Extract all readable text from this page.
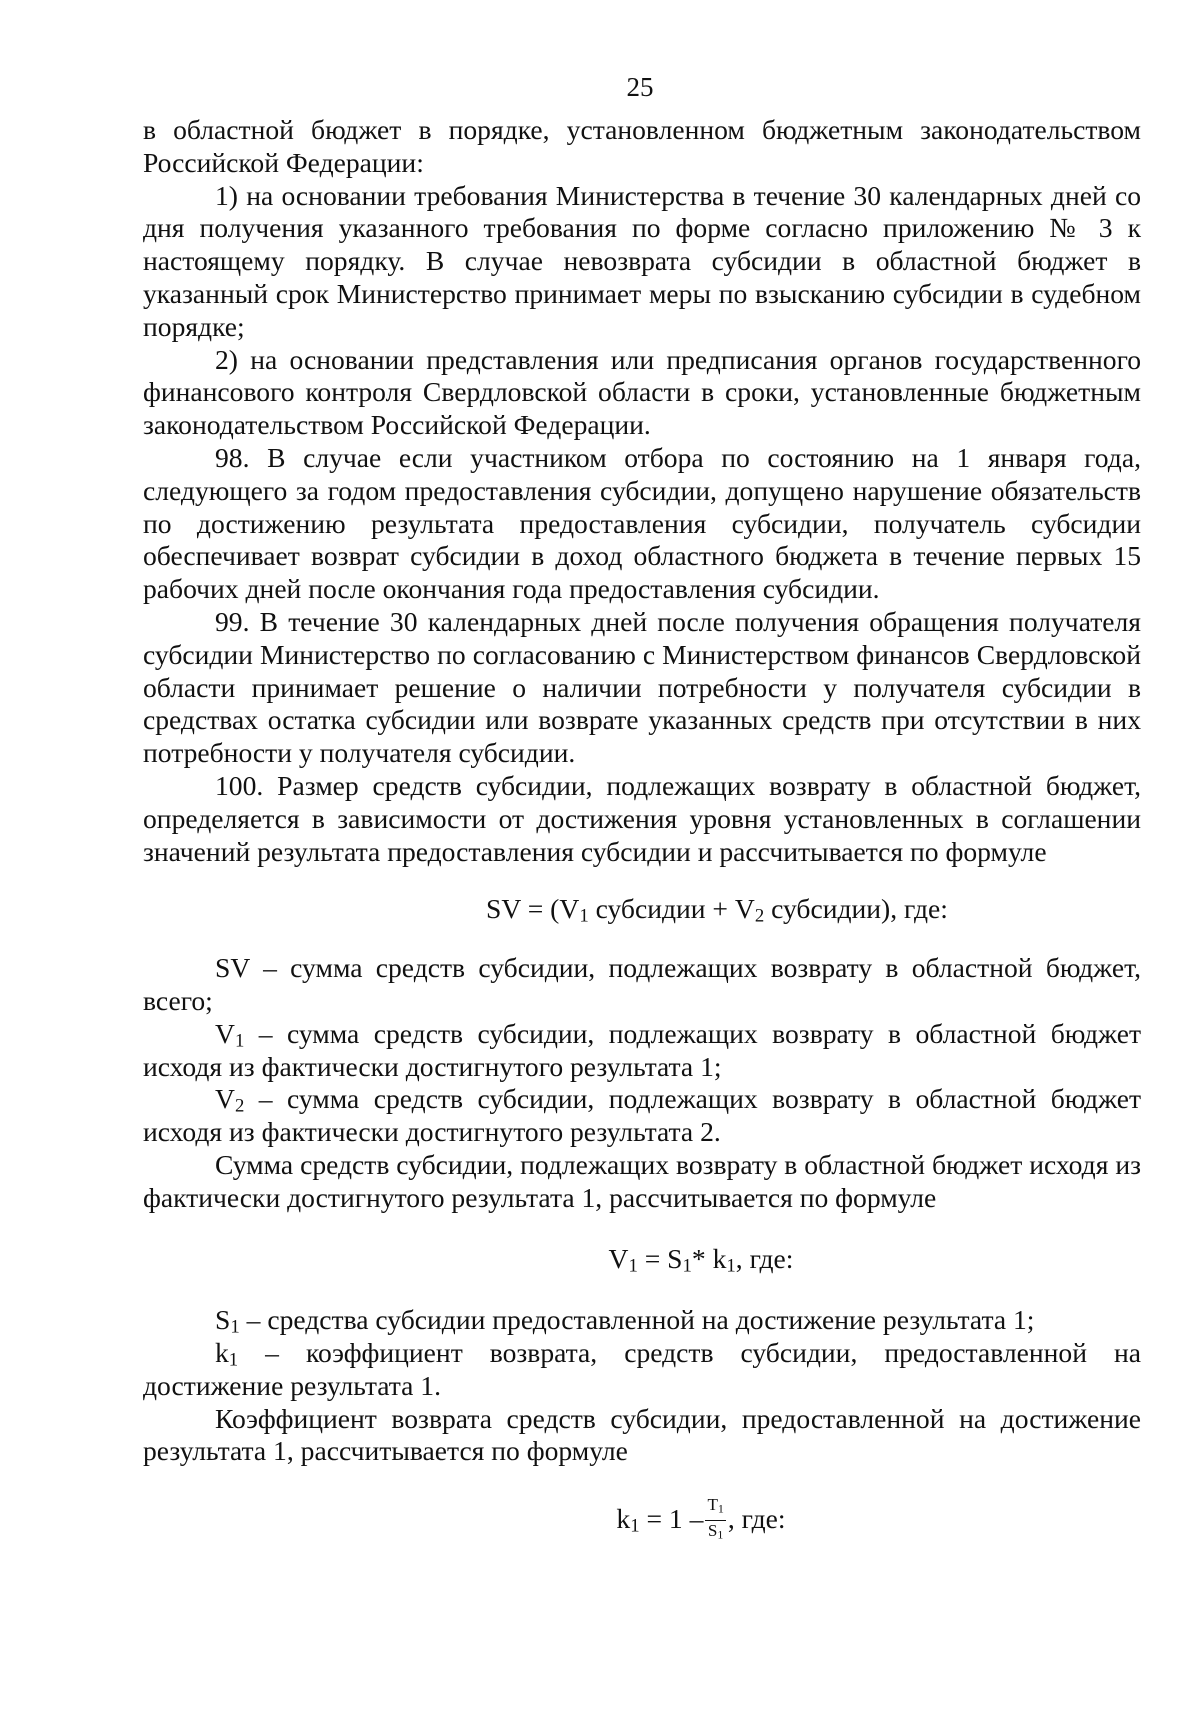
25

в областной бюджет в порядке, установленном бюджетным законодательством Российской Федерации:

1) на основании требования Министерства в течение 30 календарных дней со дня получения указанного требования по форме согласно приложению № 3 к настоящему порядку. В случае невозврата субсидии в областной бюджет в указанный срок Министерство принимает меры по взысканию субсидии в судебном порядке;

2) на основании представления или предписания органов государственного финансового контроля Свердловской области в сроки, установленные бюджетным законодательством Российской Федерации.

98. В случае если участником отбора по состоянию на 1 января года, следующего за годом предоставления субсидии, допущено нарушение обязательств по достижению результата предоставления субсидии, получатель субсидии обеспечивает возврат субсидии в доход областного бюджета в течение первых 15 рабочих дней после окончания года предоставления субсидии.

99. В течение 30 календарных дней после получения обращения получателя субсидии Министерство по согласованию с Министерством финансов Свердловской области принимает решение о наличии потребности у получателя субсидии в средствах остатка субсидии или возврате указанных средств при отсутствии в них потребности у получателя субсидии.

100. Размер средств субсидии, подлежащих возврату в областной бюджет, определяется в зависимости от достижения уровня установленных в соглашении значений результата предоставления субсидии и рассчитывается по формуле

SV = (V1 субсидии + V2 субсидии), где:

SV – сумма средств субсидии, подлежащих возврату в областной бюджет, всего;

V1 – сумма средств субсидии, подлежащих возврату в областной бюджет исходя из фактически достигнутого результата 1;

V2 – сумма средств субсидии, подлежащих возврату в областной бюджет исходя из фактически достигнутого результата 2.

Сумма средств субсидии, подлежащих возврату в областной бюджет исходя из фактически достигнутого результата 1, рассчитывается по формуле

V1 = S1* k1, где:

S1 – средства субсидии предоставленной на достижение результата 1;

k1 – коэффициент возврата, средств субсидии, предоставленной на достижение результата 1.

Коэффициент возврата средств субсидии, предоставленной на достижение результата 1, рассчитывается по формуле

$k1 = 1 - \frac{T1}{S1}$ , где:
